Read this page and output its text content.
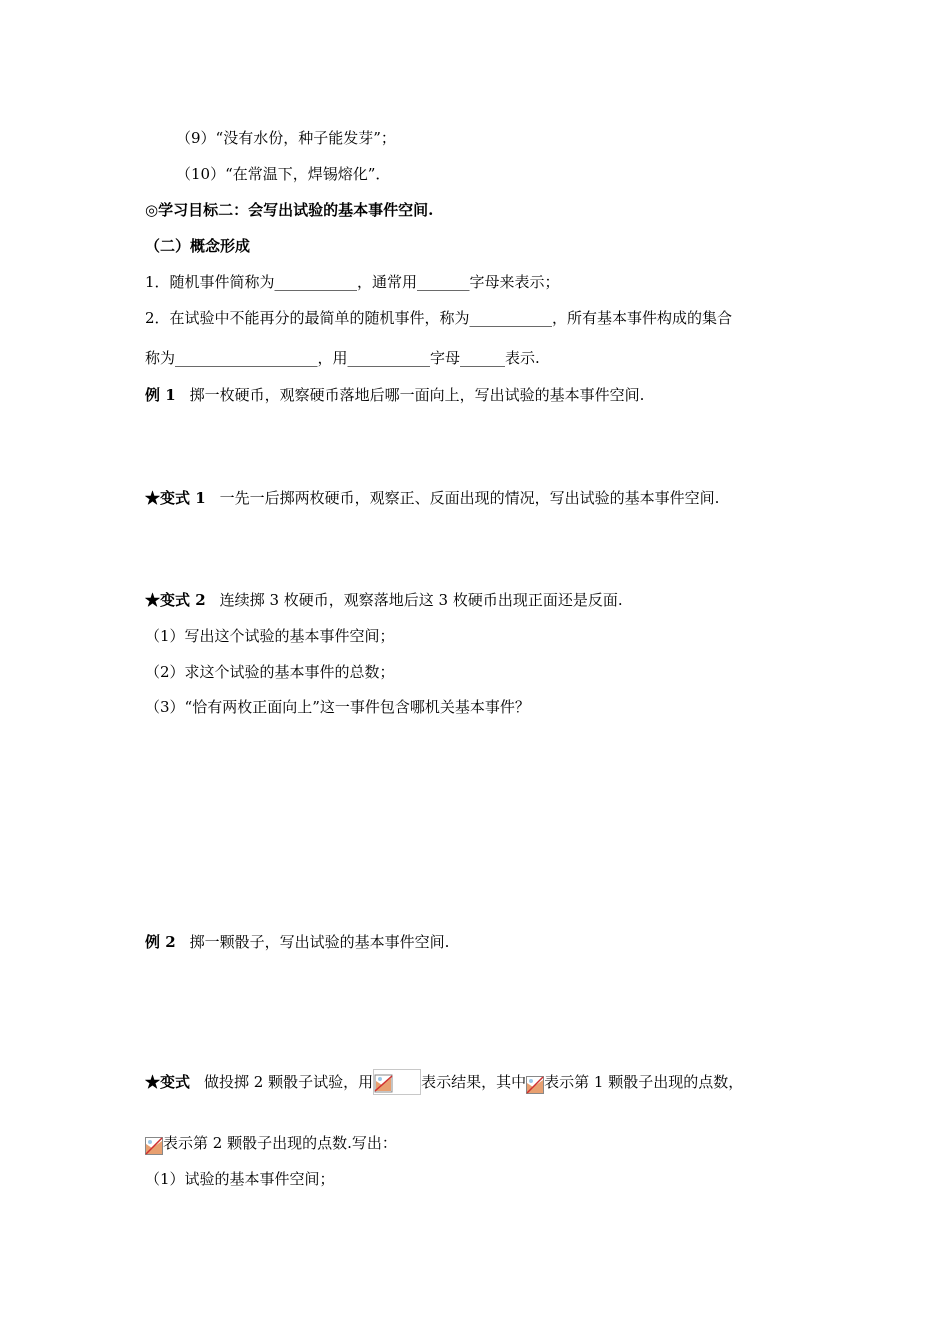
（9）“没有水份，种子能发芽”；
（10）“在常温下，焊锡熔化”．
◎学习目标二：会写出试验的基本事件空间.
（二）概念形成
1．随机事件简称为___________，通常用_______字母来表示；
2．在试验中不能再分的最简单的随机事件，称为___________，所有基本事件构成的集合
称为___________________，用___________字母______表示.
例 1 掷一枚硬币，观察硬币落地后哪一面向上，写出试验的基本事件空间.
★变式 1 一先一后掷两枚硬币，观察正、反面出现的情况，写出试验的基本事件空间.
★变式 2 连续掷 3 枚硬币，观察落地后这 3 枚硬币出现正面还是反面.
（1）写出这个试验的基本事件空间；
（2）求这个试验的基本事件的总数；
（3）“恰有两枚正面向上”这一事件包含哪机关基本事件？
例 2 掷一颗骰子，写出试验的基本事件空间.
★变式 做投掷 2 颗骰子试验，用	表示结果，其中 表示第 1 颗骰子出现的点数，
表示第 2 颗骰子出现的点数.写出：
（1）试验的基本事件空间；
